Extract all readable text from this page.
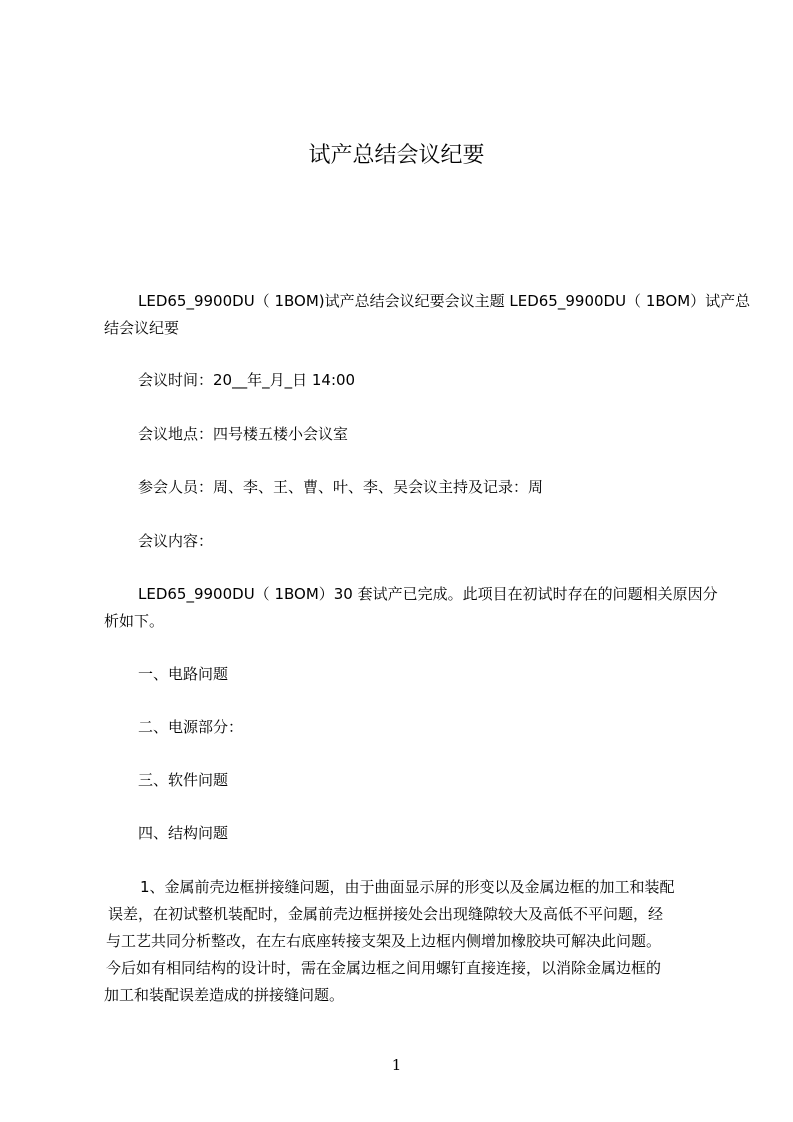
试产总结会议纪要
LED65_9900DU（ 1BOM)试产总结会议纪要会议主题 LED65_9900DU（ 1BOM）试产总
结会议纪要
会议时间：20__年_月_日 14:00
会议地点：四号楼五楼小会议室
参会人员：周、李、王、曹、叶、李、吴会议主持及记录：周
会议内容：
LED65_9900DU（ 1BOM）30 套试产已完成。此项目在初试时存在的问题相关原因分
析如下。
一、电路问题
二、电源部分：
三、软件问题
四、结构问题
1、金属前壳边框拼接缝问题，由于曲面显示屏的形变以及金属边框的加工和装配
误差，在初试整机装配时，金属前壳边框拼接处会出现缝隙较大及高低不平问题，经
与工艺共同分析整改，在左右底座转接支架及上边框内侧增加橡胶块可解决此问题。
今后如有相同结构的设计时，需在金属边框之间用螺钉直接连接，以消除金属边框的
加工和装配误差造成的拼接缝问题。
1
